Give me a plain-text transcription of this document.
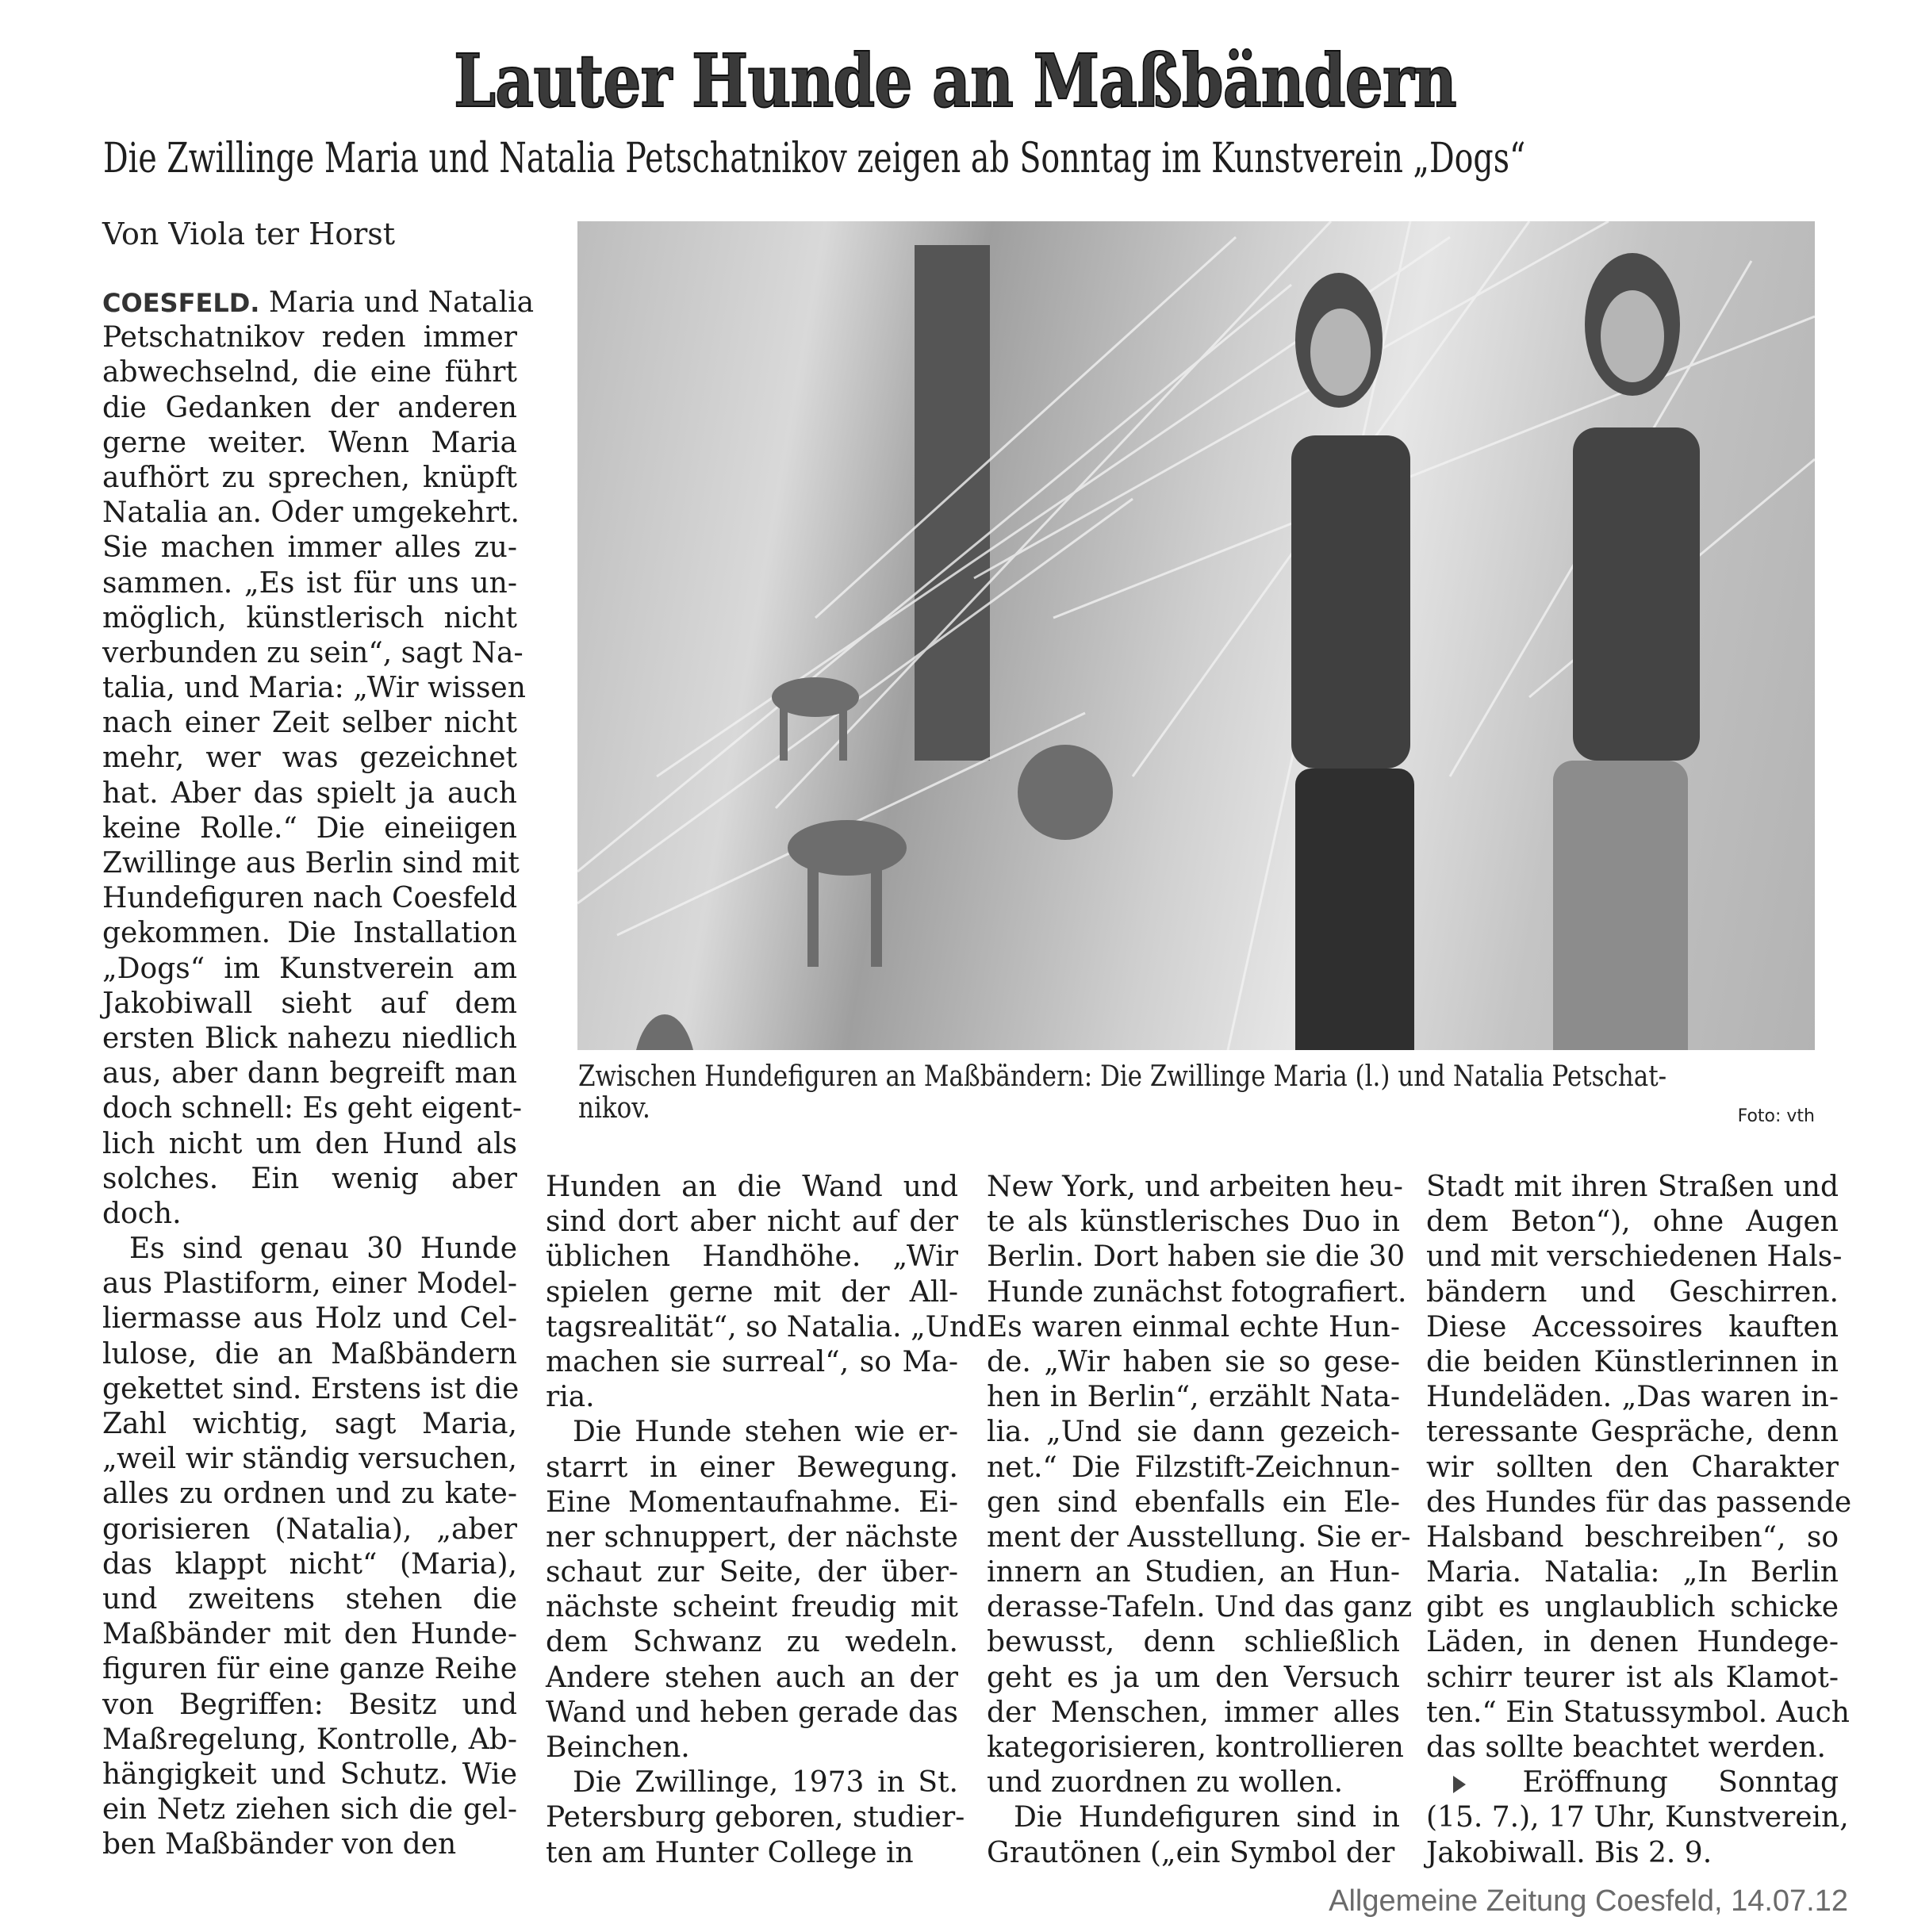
Lauter Hunde an Maßbändern
Die Zwillinge Maria und Natalia Petschatnikov zeigen ab Sonntag im Kunstverein „Dogs“
Von Viola ter Horst
Zwischen Hundefiguren an Maßbändern: Die Zwillinge Maria (l.) und Natalia Petschat-
nikov.	Foto: vth
COESFELD. Maria und Natalia
Petschatnikov reden immer
abwechselnd, die eine führt
die Gedanken der anderen
gerne weiter. Wenn Maria
aufhört zu sprechen, knüpft
Natalia an. Oder umgekehrt.
Sie machen immer alles zu-
sammen. „Es ist für uns un-
möglich, künstlerisch nicht
verbunden zu sein“, sagt Na-
talia, und Maria: „Wir wissen
nach einer Zeit selber nicht
mehr, wer was gezeichnet
hat. Aber das spielt ja auch
keine Rolle.“ Die eineiigen
Zwillinge aus Berlin sind mit
Hundefiguren nach Coesfeld
gekommen. Die Installation
„Dogs“ im Kunstverein am
Jakobiwall sieht auf dem
ersten Blick nahezu niedlich
aus, aber dann begreift man
doch schnell: Es geht eigent-
lich nicht um den Hund als
solches. Ein wenig aber
doch.
Es sind genau 30 Hunde
aus Plastiform, einer Model-
liermasse aus Holz und Cel-
lulose, die an Maßbändern
gekettet sind. Erstens ist die
Zahl wichtig, sagt Maria,
„weil wir ständig versuchen,
alles zu ordnen und zu kate-
gorisieren (Natalia), „aber
das klappt nicht“ (Maria),
und zweitens stehen die
Maßbänder mit den Hunde-
figuren für eine ganze Reihe
von Begriffen: Besitz und
Maßregelung, Kontrolle, Ab-
hängigkeit und Schutz. Wie
ein Netz ziehen sich die gel-
ben Maßbänder von den
Hunden an die Wand und
sind dort aber nicht auf der
üblichen Handhöhe. „Wir
spielen gerne mit der All-
tagsrealität“, so Natalia. „Und
machen sie surreal“, so Ma-
ria.
Die Hunde stehen wie er-
starrt in einer Bewegung.
Eine Momentaufnahme. Ei-
ner schnuppert, der nächste
schaut zur Seite, der über-
nächste scheint freudig mit
dem Schwanz zu wedeln.
Andere stehen auch an der
Wand und heben gerade das
Beinchen.
Die Zwillinge, 1973 in St.
Petersburg geboren, studier-
ten am Hunter College in
New York, und arbeiten heu-
te als künstlerisches Duo in
Berlin. Dort haben sie die 30
Hunde zunächst fotografiert.
Es waren einmal echte Hun-
de. „Wir haben sie so gese-
hen in Berlin“, erzählt Nata-
lia. „Und sie dann gezeich-
net.“ Die Filzstift-Zeichnun-
gen sind ebenfalls ein Ele-
ment der Ausstellung. Sie er-
innern an Studien, an Hun-
derasse-Tafeln. Und das ganz
bewusst, denn schließlich
geht es ja um den Versuch
der Menschen, immer alles
kategorisieren, kontrollieren
und zuordnen zu wollen.
Die Hundefiguren sind in
Grautönen („ein Symbol der
Stadt mit ihren Straßen und
dem Beton“), ohne Augen
und mit verschiedenen Hals-
bändern und Geschirren.
Diese Accessoires kauften
die beiden Künstlerinnen in
Hundeläden. „Das waren in-
teressante Gespräche, denn
wir sollten den Charakter
des Hundes für das passende
Halsband beschreiben“, so
Maria. Natalia: „In Berlin
gibt es unglaublich schicke
Läden, in denen Hundege-
schirr teurer ist als Klamot-
ten.“ Ein Statussymbol. Auch
das sollte beachtet werden.
Eröffnung Sonntag
(15. 7.), 17 Uhr, Kunstverein,
Jakobiwall. Bis 2. 9.
Allgemeine Zeitung Coesfeld, 14.07.12
